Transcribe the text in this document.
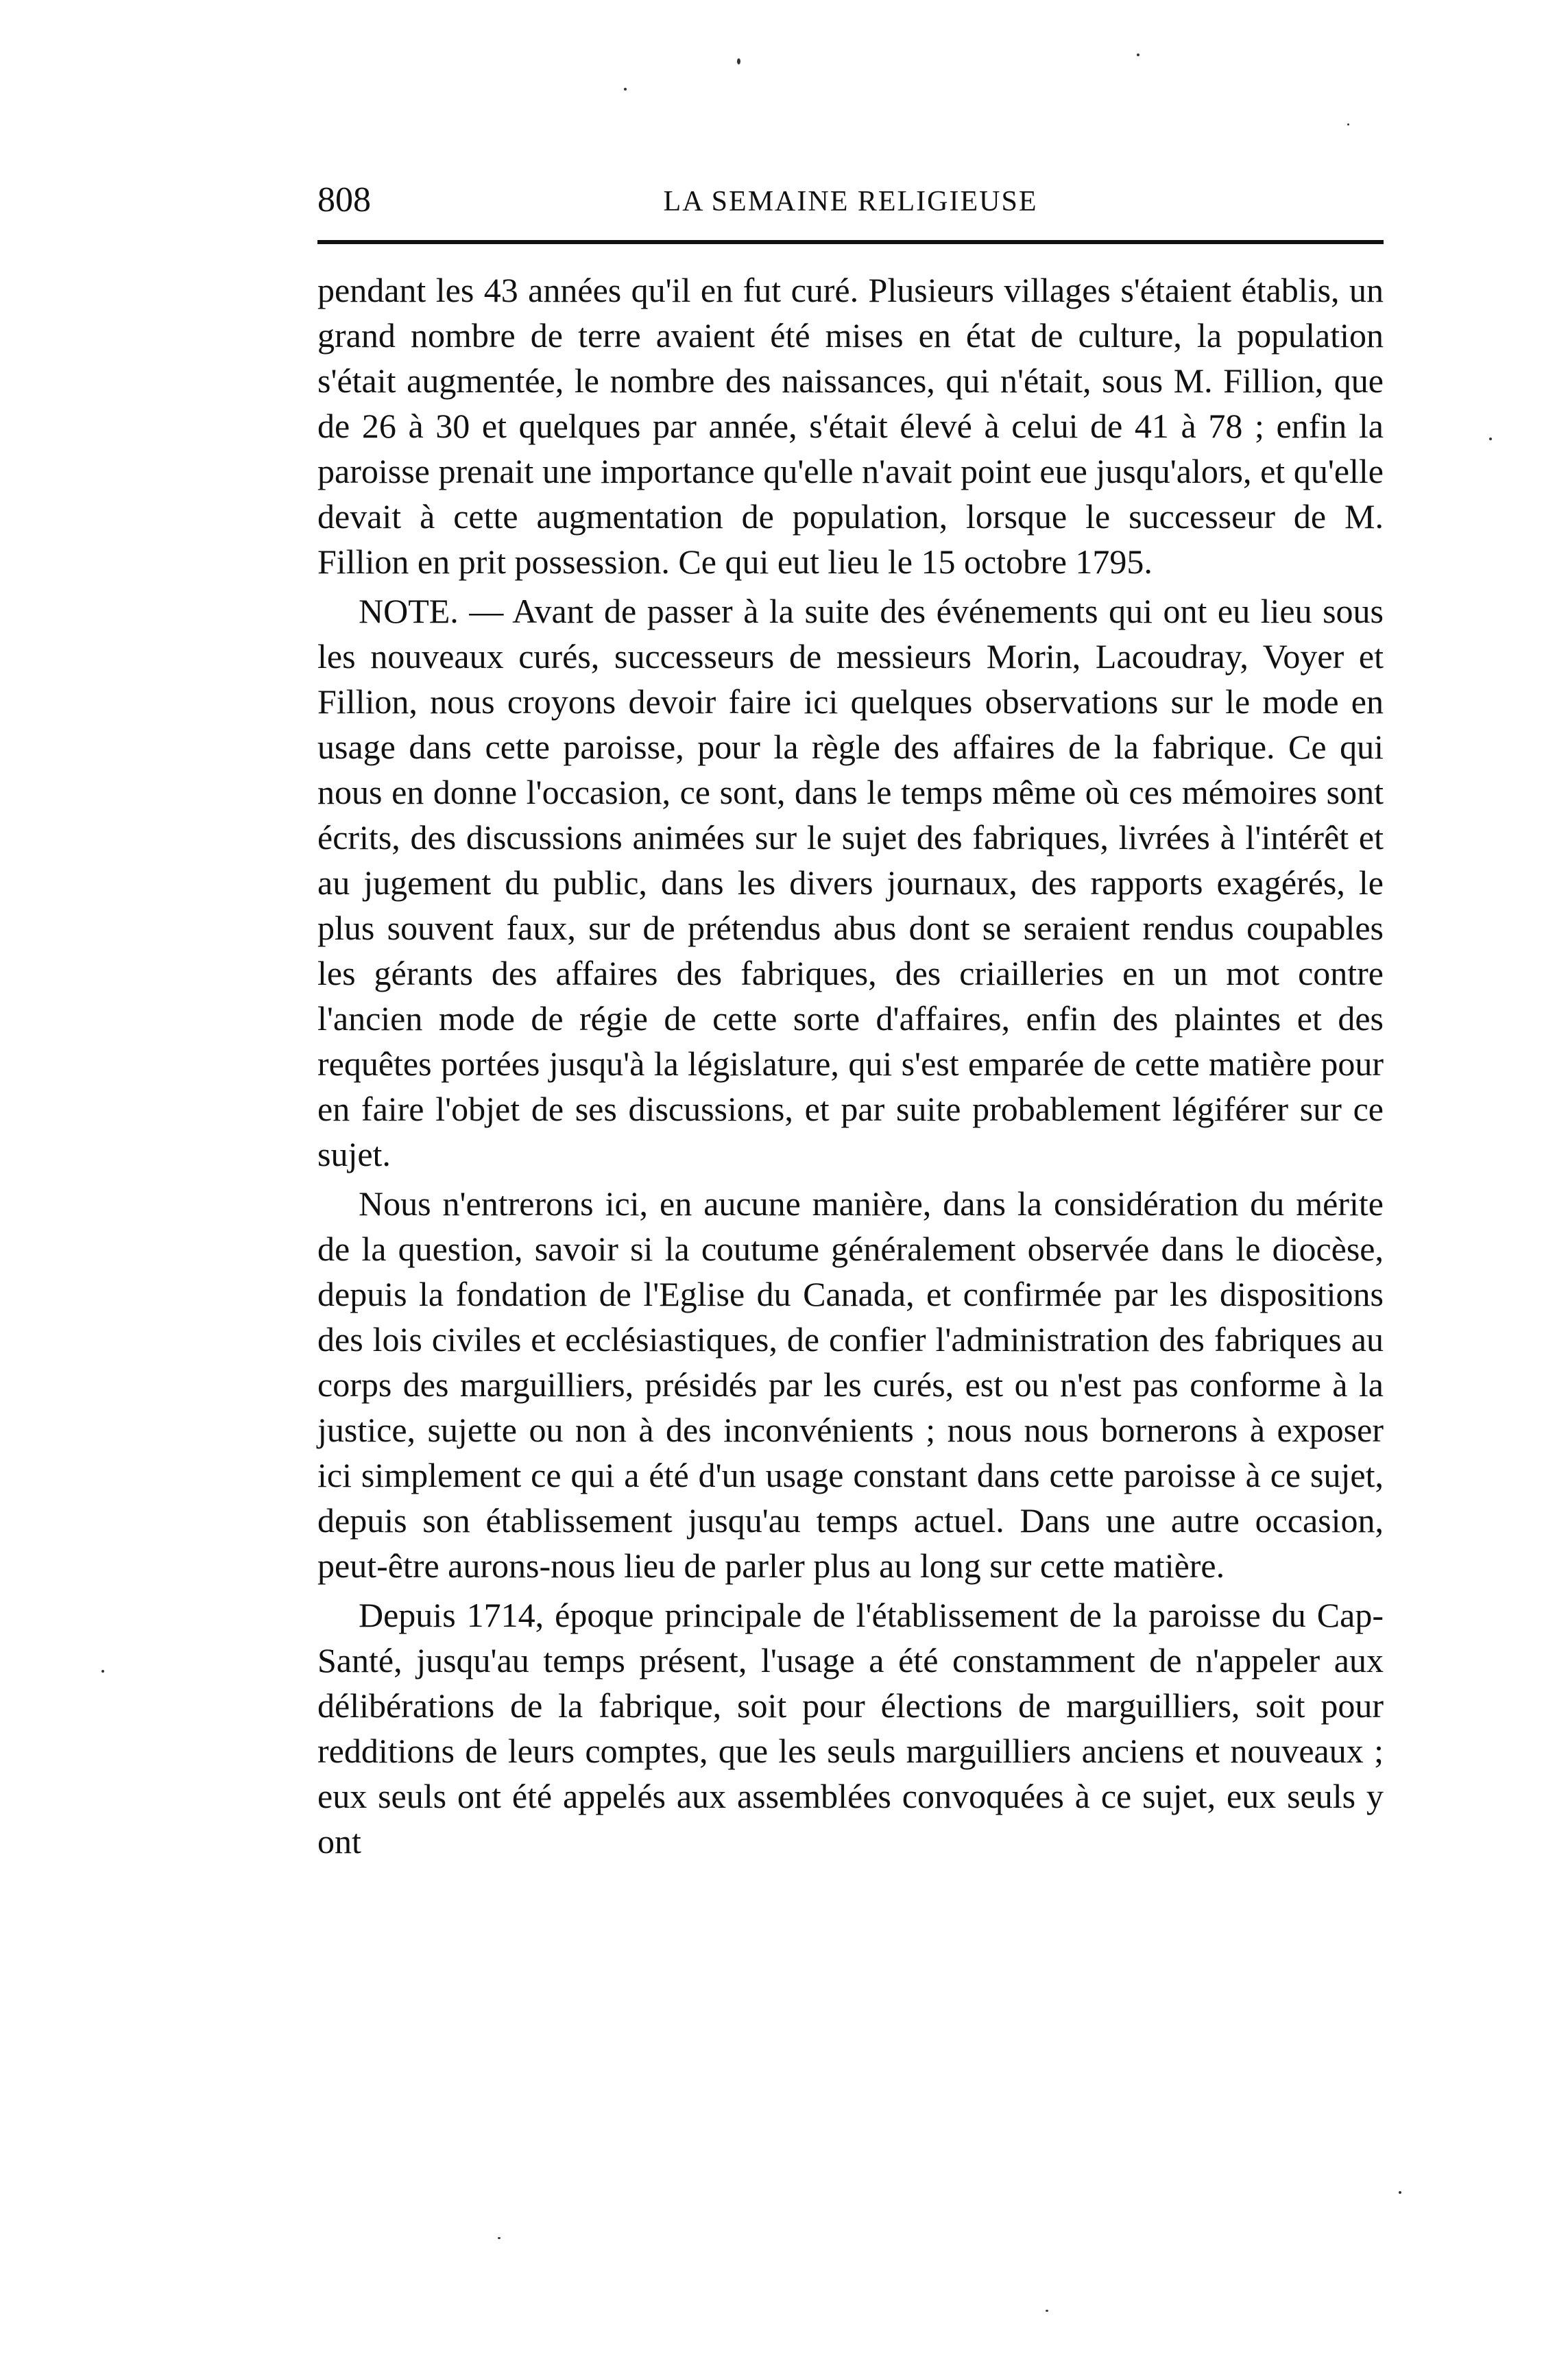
808	LA SEMAINE RELIGIEUSE

pendant les 43 années qu'il en fut curé. Plusieurs villages s'étaient établis, un grand nombre de terre avaient été mises en état de culture, la population s'était augmentée, le nombre des naissances, qui n'était, sous M. Fillion, que de 26 à 30 et quelques par année, s'était élevé à celui de 41 à 78 ; enfin la paroisse prenait une importance qu'elle n'avait point eue jusqu'alors, et qu'elle devait à cette augmentation de population, lorsque le successeur de M. Fillion en prit possession. Ce qui eut lieu le 15 octobre 1795.

NOTE. — Avant de passer à la suite des événements qui ont eu lieu sous les nouveaux curés, successeurs de messieurs Morin, Lacoudray, Voyer et Fillion, nous croyons devoir faire ici quelques observations sur le mode en usage dans cette paroisse, pour la règle des affaires de la fabrique. Ce qui nous en donne l'occasion, ce sont, dans le temps même où ces mémoires sont écrits, des discussions animées sur le sujet des fabriques, livrées à l'intérêt et au jugement du public, dans les divers journaux, des rapports exagérés, le plus souvent faux, sur de prétendus abus dont se seraient rendus coupables les gérants des affaires des fabriques, des criailleries en un mot contre l'ancien mode de régie de cette sorte d'affaires, enfin des plaintes et des requêtes portées jusqu'à la législature, qui s'est emparée de cette matière pour en faire l'objet de ses discussions, et par suite probablement légiférer sur ce sujet.

Nous n'entrerons ici, en aucune manière, dans la considération du mérite de la question, savoir si la coutume généralement observée dans le diocèse, depuis la fondation de l'Eglise du Canada, et confirmée par les dispositions des lois civiles et ecclésiastiques, de confier l'administration des fabriques au corps des marguilliers, présidés par les curés, est ou n'est pas conforme à la justice, sujette ou non à des inconvénients ; nous nous bornerons à exposer ici simplement ce qui a été d'un usage constant dans cette paroisse à ce sujet, depuis son établissement jusqu'au temps actuel. Dans une autre occasion, peut-être aurons-nous lieu de parler plus au long sur cette matière.

Depuis 1714, époque principale de l'établissement de la paroisse du Cap-Santé, jusqu'au temps présent, l'usage a été constamment de n'appeler aux délibérations de la fabrique, soit pour élections de marguilliers, soit pour redditions de leurs comptes, que les seuls marguilliers anciens et nouveaux ; eux seuls ont été appelés aux assemblées convoquées à ce sujet, eux seuls y ont
